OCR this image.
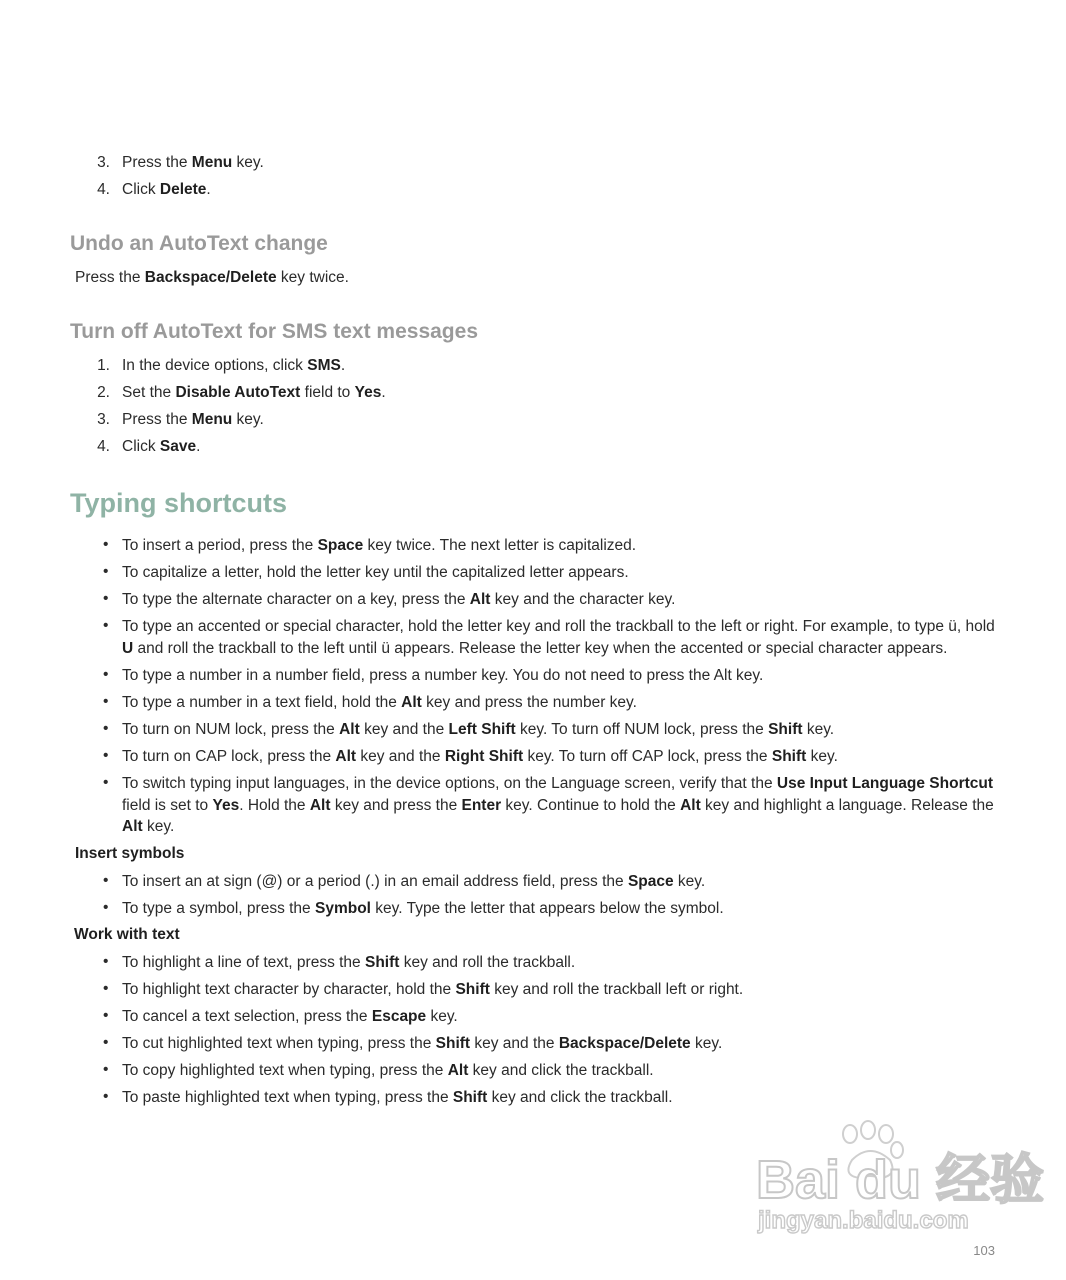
3. Press the Menu key.
4. Click Delete.
Undo an AutoText change
Press the Backspace/Delete key twice.
Turn off AutoText for SMS text messages
1. In the device options, click SMS.
2. Set the Disable AutoText field to Yes.
3. Press the Menu key.
4. Click Save.
Typing shortcuts
• To insert a period, press the Space key twice. The next letter is capitalized.
• To capitalize a letter, hold the letter key until the capitalized letter appears.
• To type the alternate character on a key, press the Alt key and the character key.
• To type an accented or special character, hold the letter key and roll the trackball to the left or right. For example, to type ü, hold U and roll the trackball to the left until ü appears. Release the letter key when the accented or special character appears.
• To type a number in a number field, press a number key. You do not need to press the Alt key.
• To type a number in a text field, hold the Alt key and press the number key.
• To turn on NUM lock, press the Alt key and the Left Shift key. To turn off NUM lock, press the Shift key.
• To turn on CAP lock, press the Alt key and the Right Shift key. To turn off CAP lock, press the Shift key.
• To switch typing input languages, in the device options, on the Language screen, verify that the Use Input Language Shortcut field is set to Yes. Hold the Alt key and press the Enter key. Continue to hold the Alt key and highlight a language. Release the Alt key.
Insert symbols
• To insert an at sign (@) or a period (.) in an email address field, press the Space key.
• To type a symbol, press the Symbol key. Type the letter that appears below the symbol.
Work with text
• To highlight a line of text, press the Shift key and roll the trackball.
• To highlight text character by character, hold the Shift key and roll the trackball left or right.
• To cancel a text selection, press the Escape key.
• To cut highlighted text when typing, press the Shift key and the Backspace/Delete key.
• To copy highlighted text when typing, press the Alt key and click the trackball.
• To paste highlighted text when typing, press the Shift key and click the trackball.
Bai du 经验
jingyan.baidu.com
103
